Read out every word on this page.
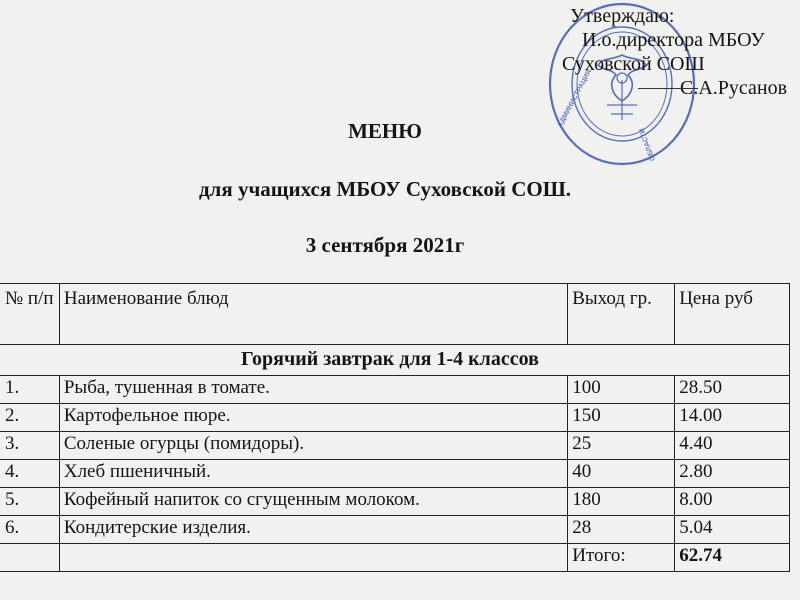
АДМИНИСТРАЦИЯ
ОБЛАСТИ
Утверждаю:
И.о.директора МБОУ
Суховской СОШ
С.А.Русанов
МЕНЮ
для учащихся МБОУ Суховской СОШ.
3 сентября 2021г
№ п/п	Наименование блюд	Выход гр.	Цена руб
Горячий завтрак для 1-4 классов			
1.	Рыба, тушенная в томате.	100	28.50
2.	Картофельное пюре.	150	14.00
3.	Соленые огурцы (помидоры).	25	4.40
4.	Хлеб пшеничный.	40	2.80
5.	Кофейный напиток со сгущенным молоком.	180	8.00
6.	Кондитерские изделия.	28	5.04
		Итого:	62.74
